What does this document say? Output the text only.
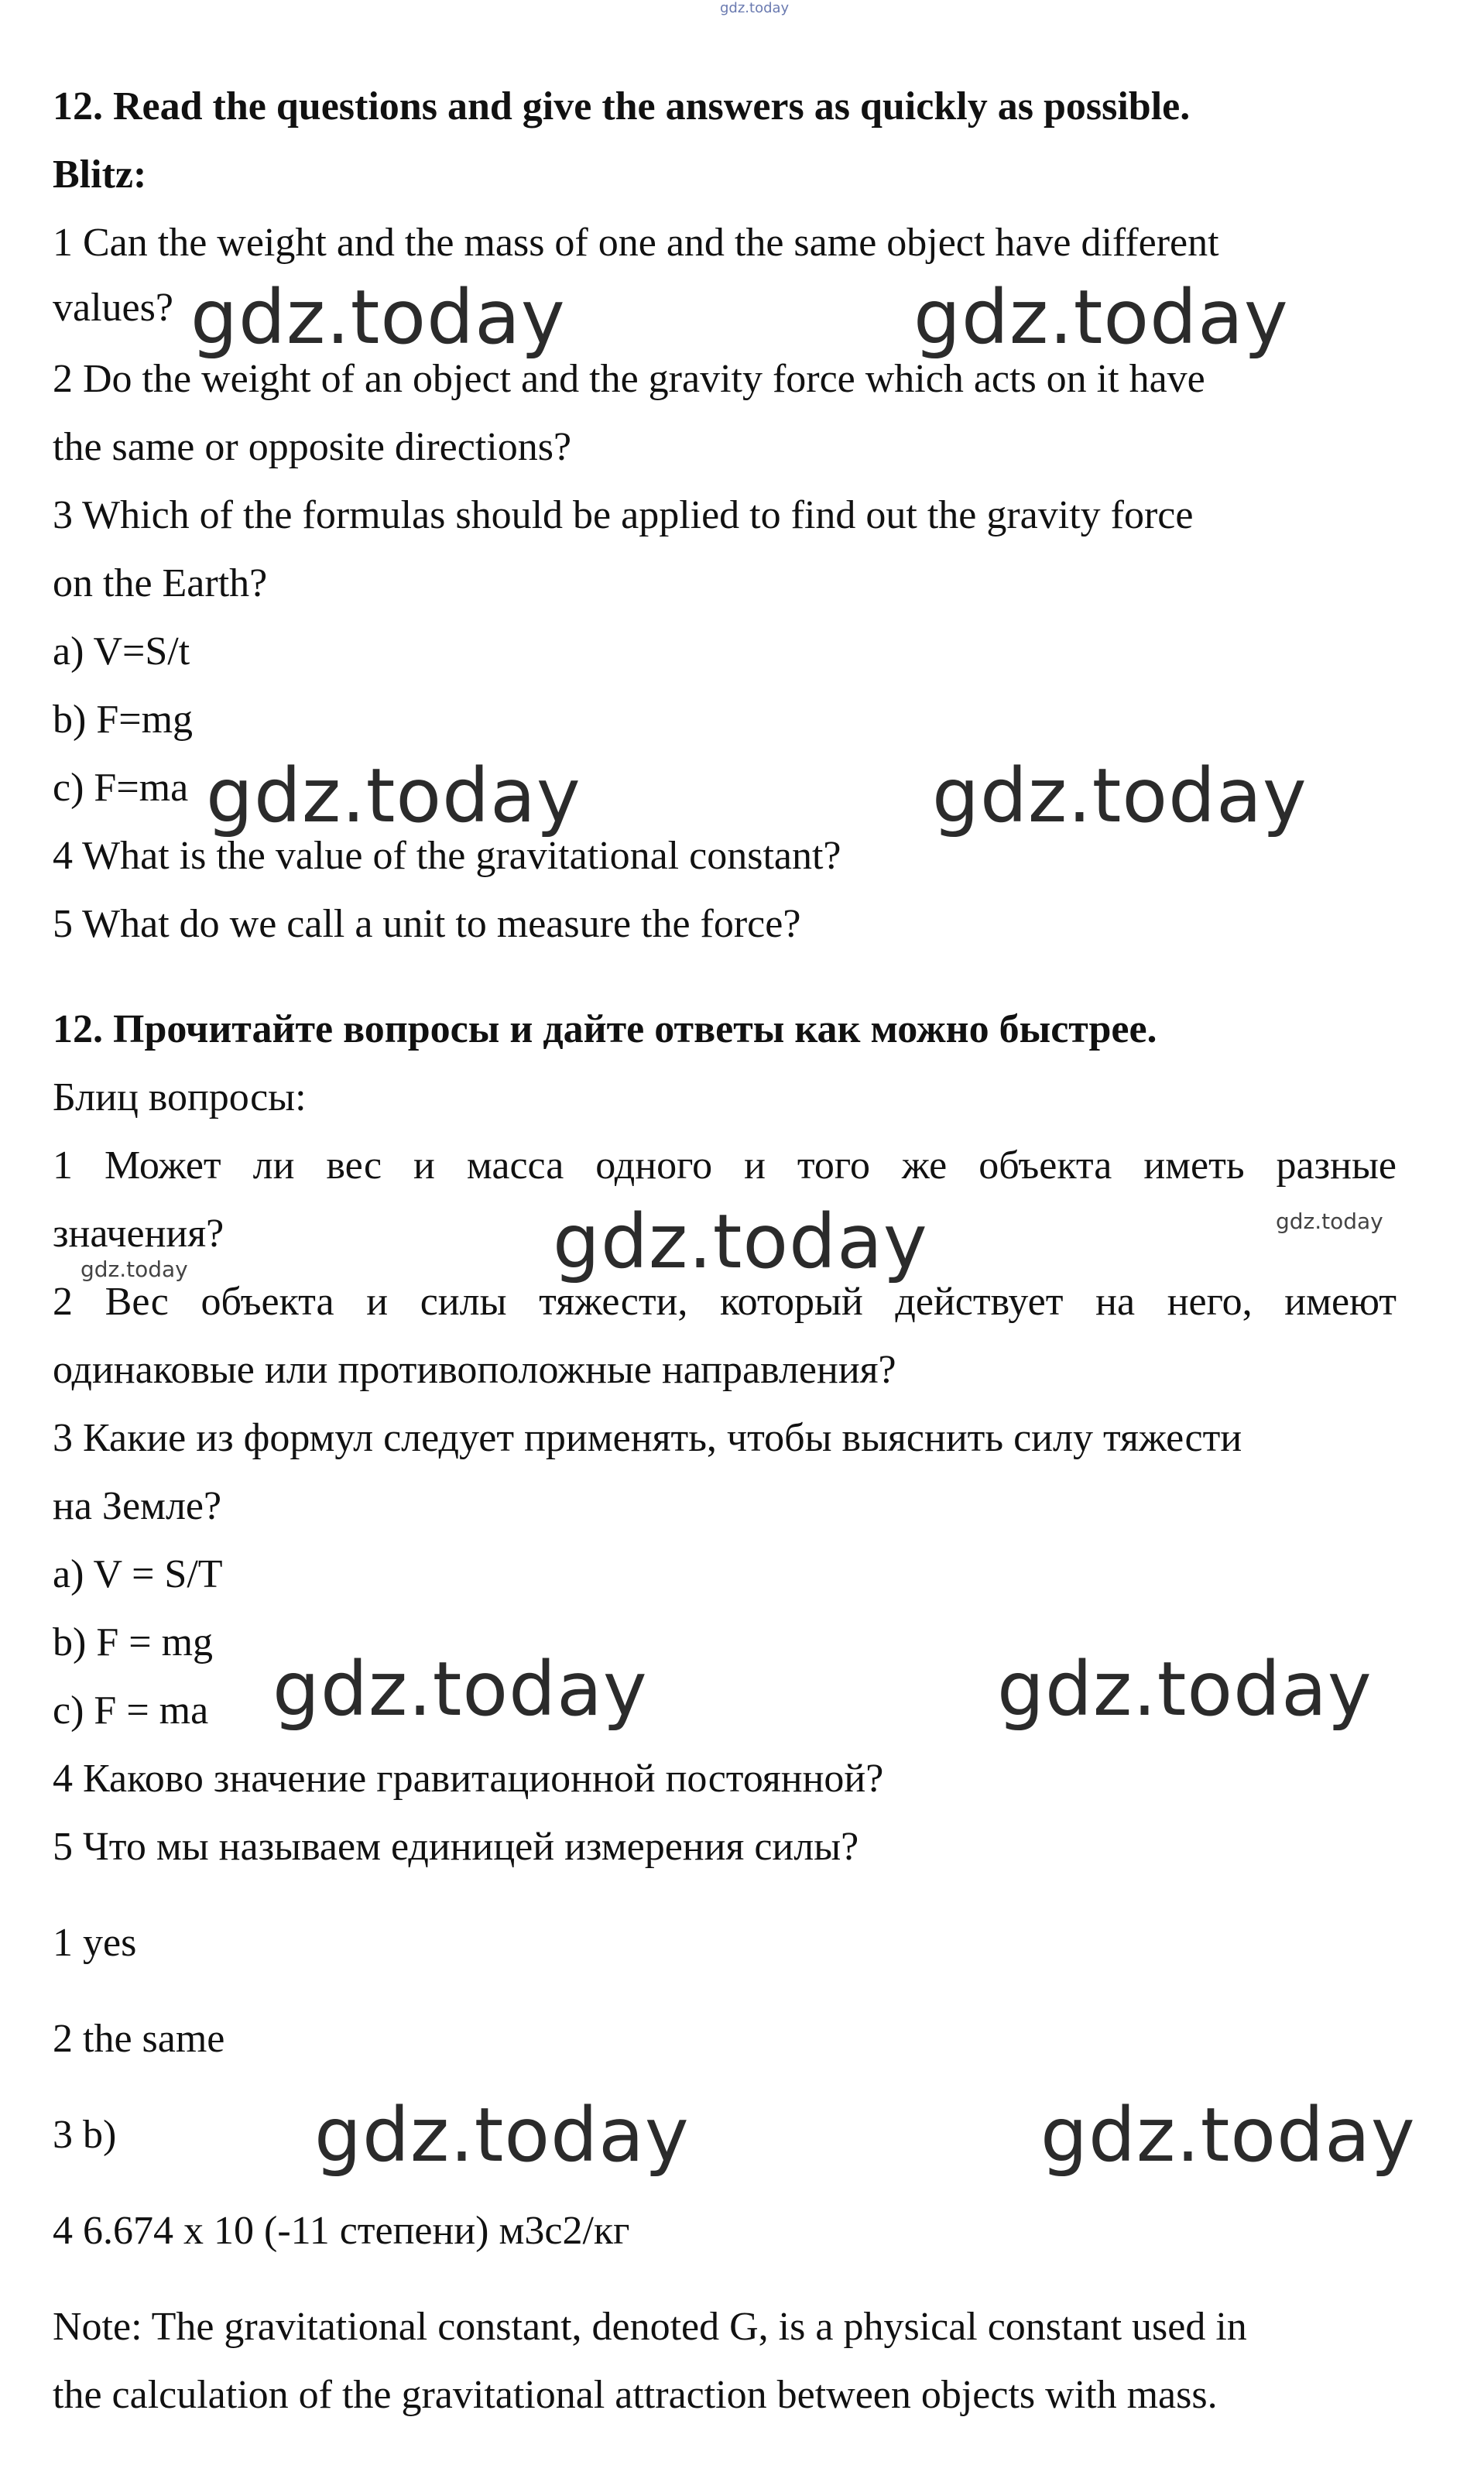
gdz.today

12. Read the questions and give the answers as quickly as possible.

Blitz:

1 Can the weight and the mass of one and the same object have different

values?

2 Do the weight of an object and the gravity force which acts on it have

the same or opposite directions?

3 Which of the formulas should be applied to find out the gravity force

on the Earth?

a) V=S/t

b) F=mg

c) F=ma

4 What is the value of the gravitational constant?

5 What do we call a unit to measure the force?

12. Прочитайте вопросы и дайте ответы как можно быстрее.

Блиц вопросы:

1 Может ли вес и масса одного и того же объекта иметь разные

значения?

2 Вес объекта и силы тяжести, который действует на него, имеют

одинаковые или противоположные направления?

3 Какие из формул следует применять, чтобы выяснить силу тяжести

на Земле?

a) V = S/T

b) F = mg

c) F = ma

4 Каково значение гравитационной постоянной?

5 Что мы называем единицей измерения силы?

1 yes

2 the same

3 b)

4 6.674 x 10 (-11 степени) м3с2/кг

Note: The gravitational constant, denoted G, is a physical constant used in

the calculation of the gravitational attraction between objects with mass.

gdz.today	gdz.today

gdz.today	gdz.today

gdz.today	gdz.today

gdz.today

gdz.today	gdz.today

gdz.today	gdz.today
